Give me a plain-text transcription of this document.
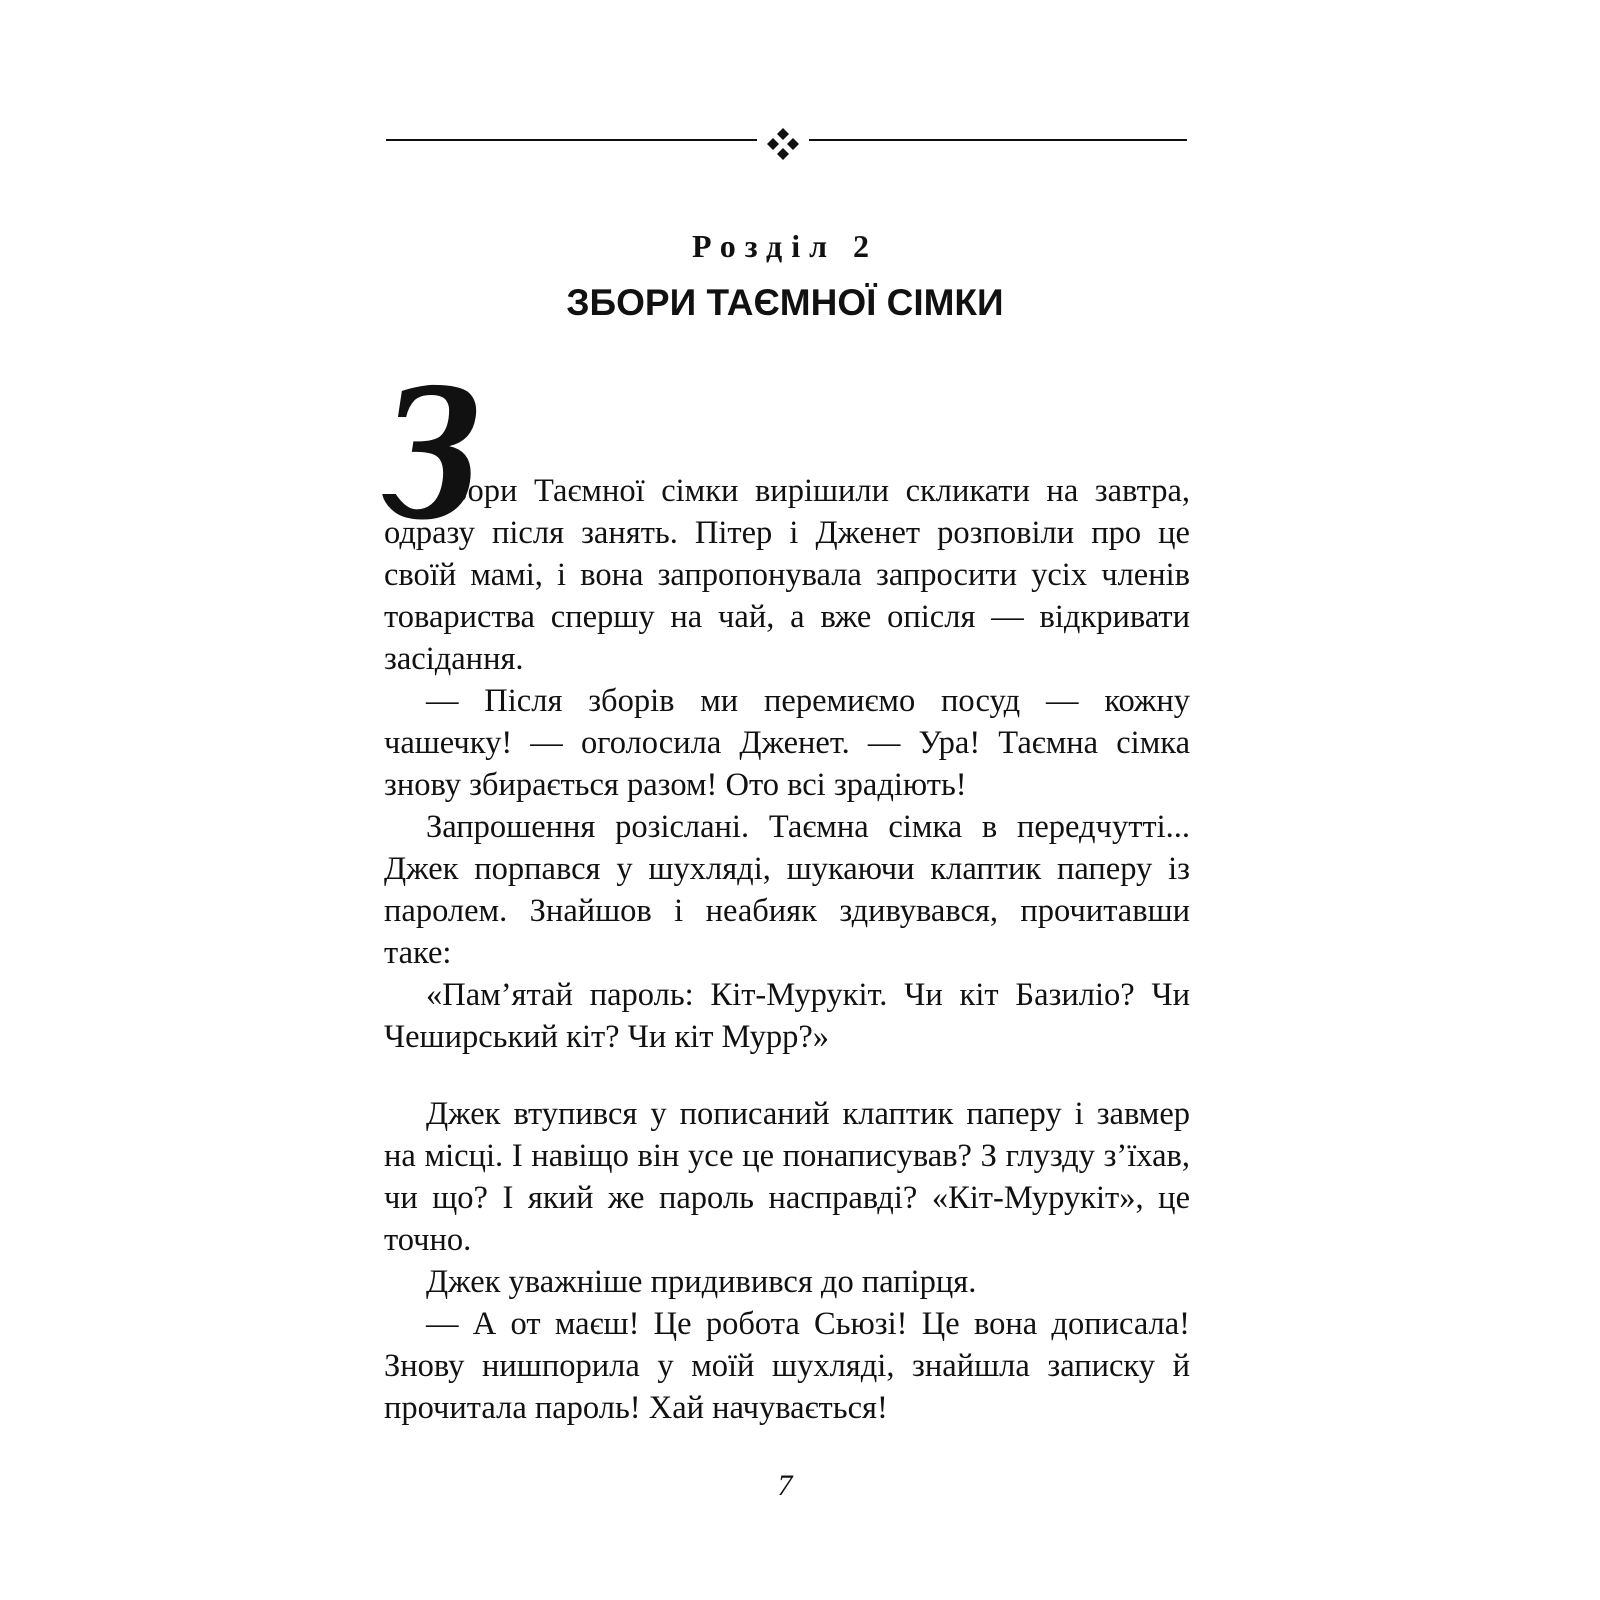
Розділ 2
ЗБОРИ ТАЄМНОЇ СІМКИ
З
бори Таємної сімки вирішили скликати на завтра,

одразу після занять. Пітер і Дженет розповіли про це своїй мамі, і вона запропонувала запросити усіх членів товариства спершу на чай, а вже опісля — відкривати засідання.

— Після зборів ми перемиємо посуд — кожну чашечку! — оголосила Дженет. — Ура! Таємна сімка знову збирається разом! Ото всі зрадіють!

Запрошення розіслані. Таємна сімка в передчутті... Джек порпався у шухляді, шукаючи клаптик паперу із паролем. Знайшов і неабияк здивувався, прочитавши таке:

«Пам’ятай пароль: Кіт-Мурукіт. Чи кіт Базиліо? Чи Чеширський кіт? Чи кіт Мурр?»

Джек втупився у пописаний клаптик паперу і завмер на місці. І навіщо він усе це понаписував? З глузду з’їхав, чи що? І який же пароль насправді? «Кіт-Мурукіт», це точно.

Джек уважніше придивився до папірця.

— А от маєш! Це робота Сьюзі! Це вона дописала! Знову нишпорила у моїй шухляді, знайшла записку й прочитала пароль! Хай начувається!

7
